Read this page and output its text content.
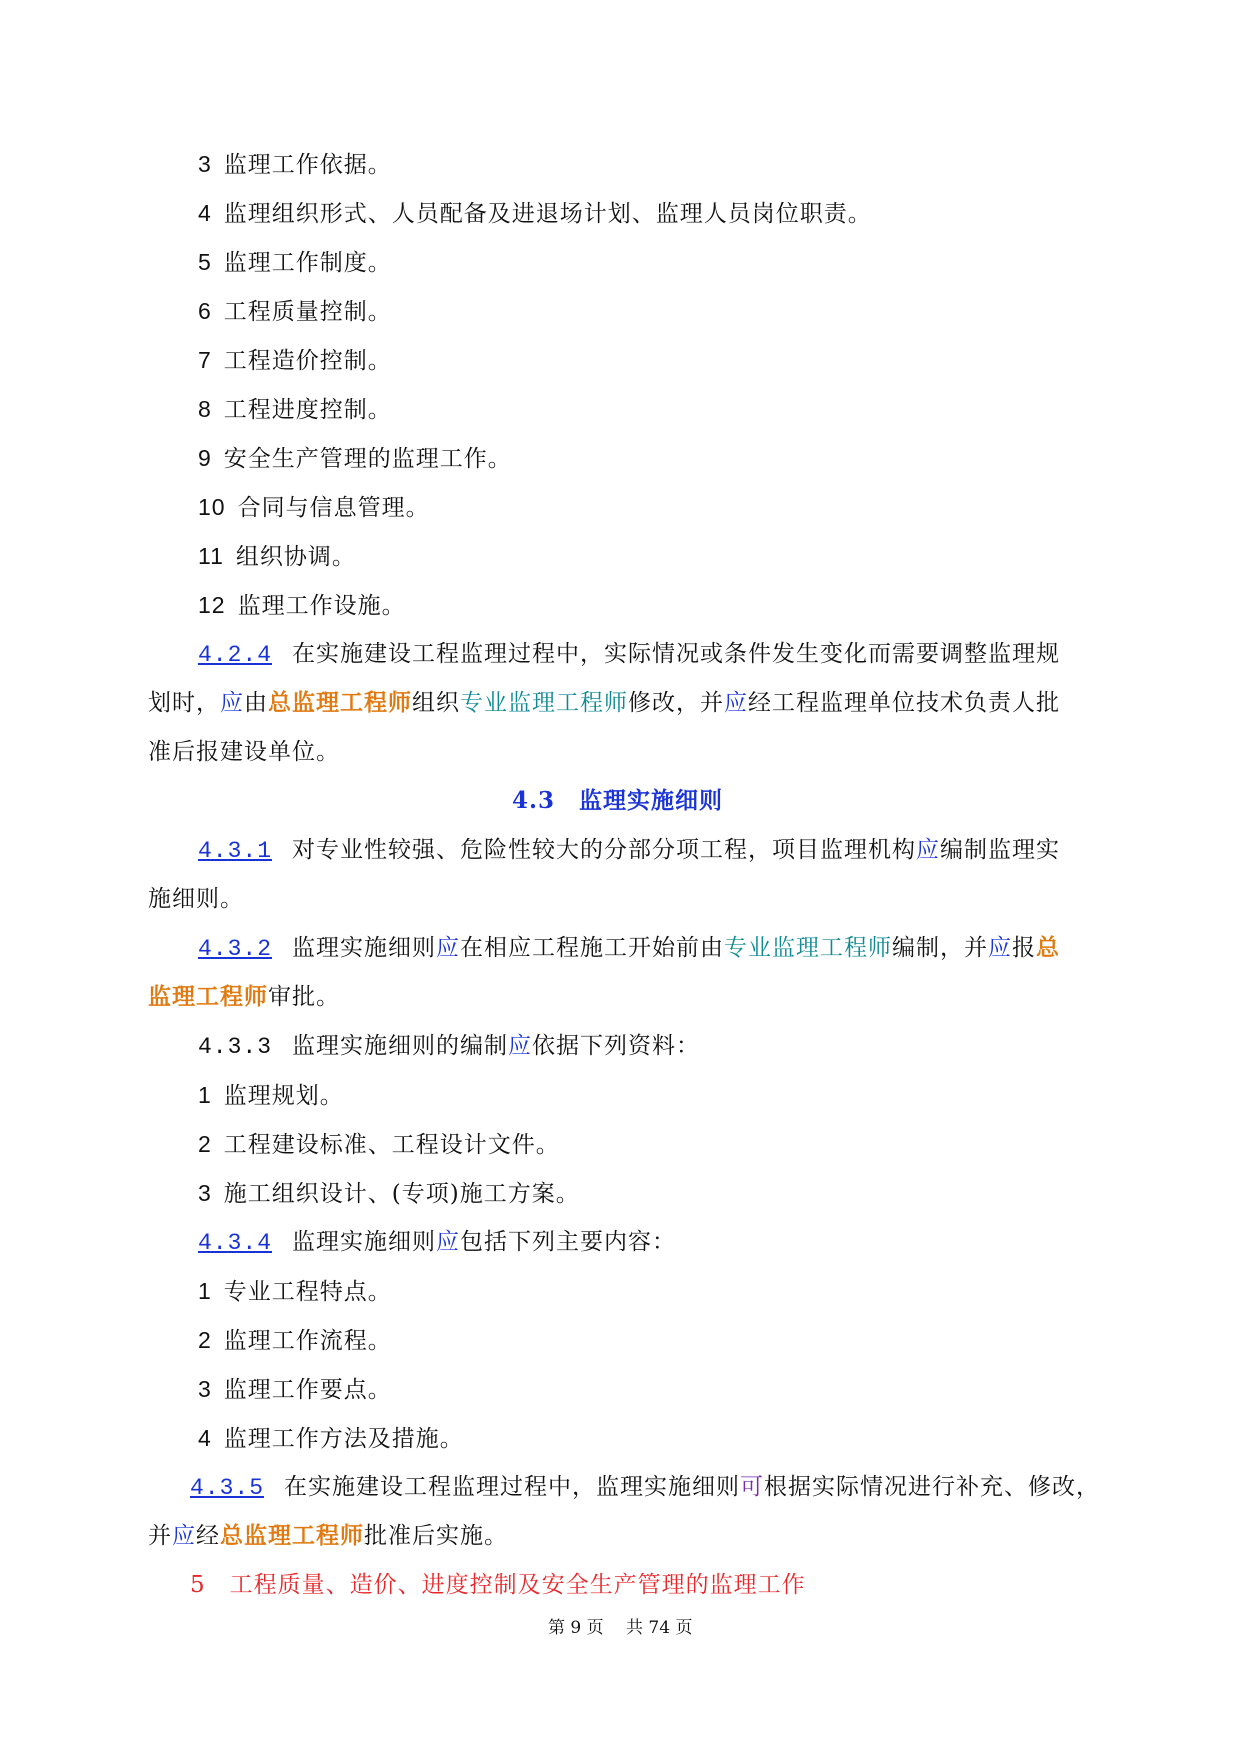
3 监理工作依据。
4 监理组织形式、人员配备及进退场计划、监理人员岗位职责。
5 监理工作制度。
6 工程质量控制。
7 工程造价控制。
8 工程进度控制。
9 安全生产管理的监理工作。
10 合同与信息管理。
11 组织协调。
12 监理工作设施。
4.2.4 在实施建设工程监理过程中，实际情况或条件发生变化而需要调整监理规
划时，应由总监理工程师组织专业监理工程师修改，并应经工程监理单位技术负责人批
准后报建设单位。
4.3　监理实施细则
4.3.1 对专业性较强、危险性较大的分部分项工程，项目监理机构应编制监理实
施细则。
4.3.2 监理实施细则应在相应工程施工开始前由专业监理工程师编制，并应报总
监理工程师审批。
4.3.3 监理实施细则的编制应依据下列资料：
1 监理规划。
2 工程建设标准、工程设计文件。
3 施工组织设计、(专项)施工方案。
4.3.4 监理实施细则应包括下列主要内容：
1 专业工程特点。
2 监理工作流程。
3 监理工作要点。
4 监理工作方法及措施。
4.3.5 在实施建设工程监理过程中，监理实施细则可根据实际情况进行补充、修改，
并应经总监理工程师批准后实施。
5　工程质量、造价、进度控制及安全生产管理的监理工作
第 9 页　 共 74 页
